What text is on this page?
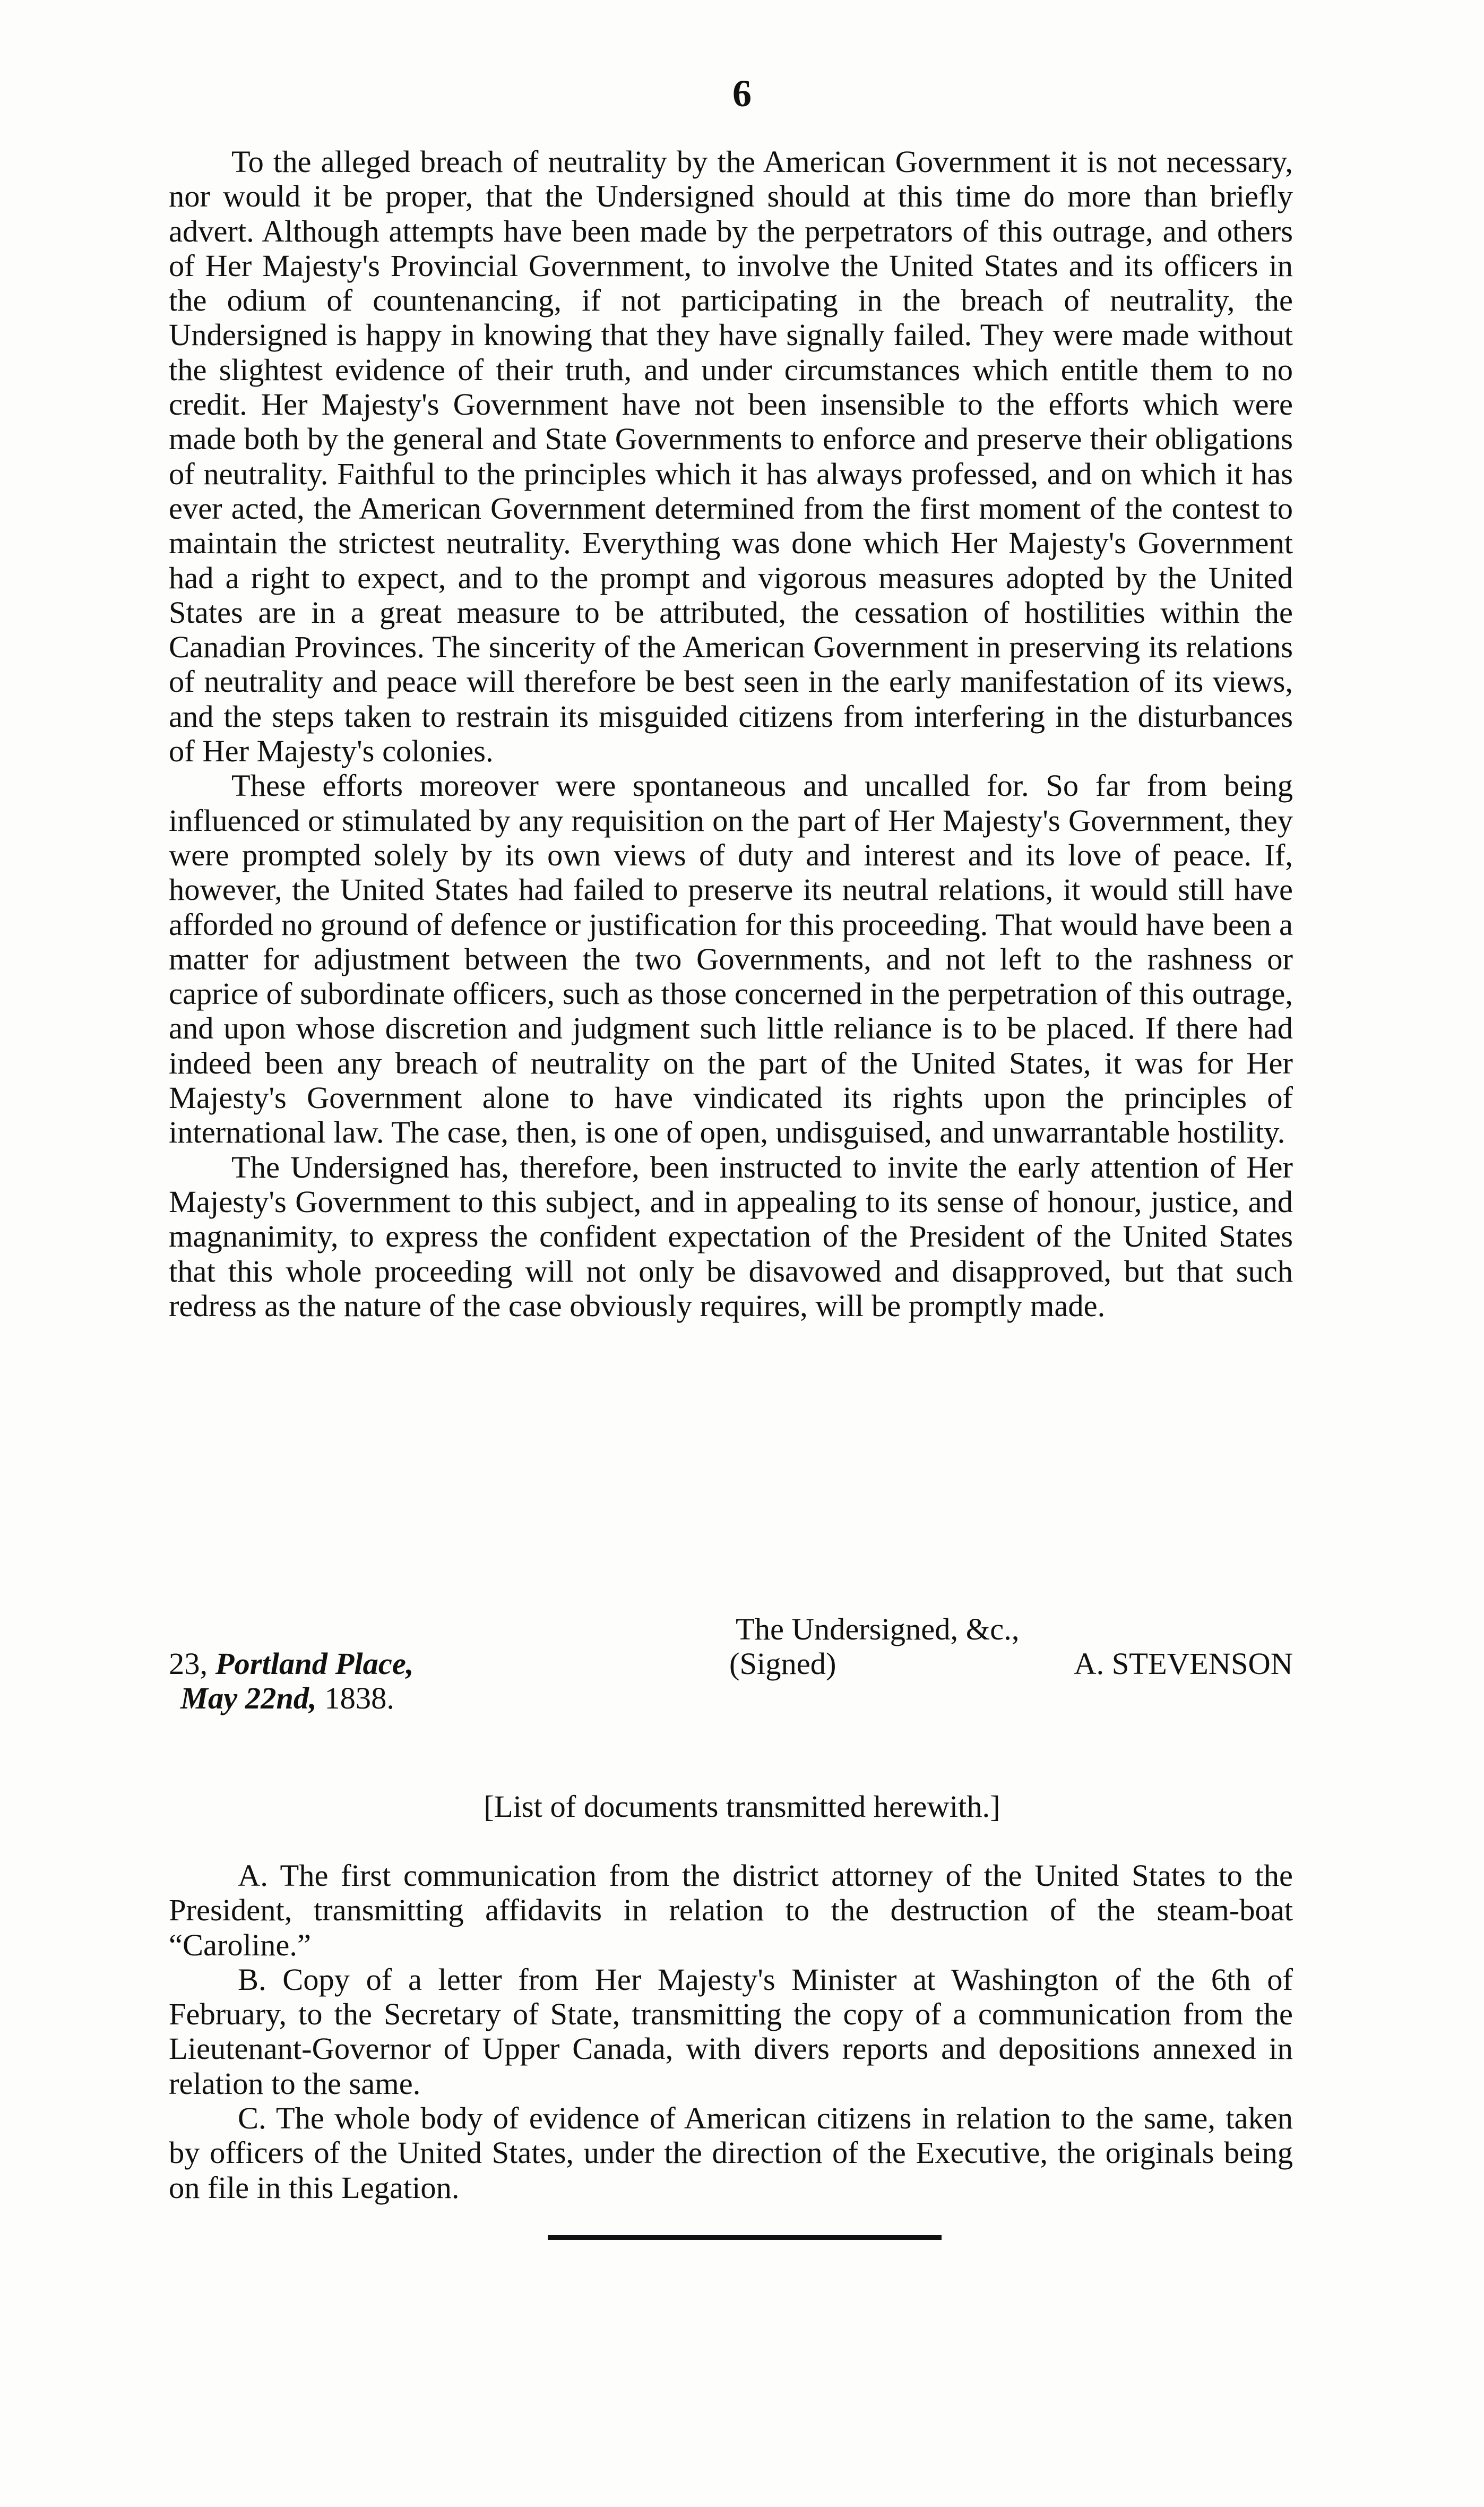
6

To the alleged breach of neutrality by the American Government it is not necessary, nor would it be proper, that the Undersigned should at this time do more than briefly advert. Although attempts have been made by the perpetrators of this outrage, and others of Her Majesty's Provincial Government, to involve the United States and its officers in the odium of countenancing, if not participating in the breach of neutrality, the Undersigned is happy in knowing that they have signally failed. They were made without the slightest evidence of their truth, and under circumstances which entitle them to no credit. Her Majesty's Government have not been insensible to the efforts which were made both by the general and State Governments to enforce and preserve their obligations of neutrality. Faithful to the principles which it has always professed, and on which it has ever acted, the American Government determined from the first moment of the contest to maintain the strictest neutrality. Everything was done which Her Majesty's Government had a right to expect, and to the prompt and vigorous measures adopted by the United States are in a great measure to be attributed, the cessation of hostilities within the Canadian Provinces. The sincerity of the American Government in preserving its relations of neutrality and peace will therefore be best seen in the early manifestation of its views, and the steps taken to restrain its misguided citizens from interfering in the disturbances of Her Majesty's colonies.

These efforts moreover were spontaneous and uncalled for. So far from being influenced or stimulated by any requisition on the part of Her Majesty's Government, they were prompted solely by its own views of duty and interest and its love of peace. If, however, the United States had failed to preserve its neutral relations, it would still have afforded no ground of defence or justification for this proceeding. That would have been a matter for adjustment between the two Governments, and not left to the rashness or caprice of subordinate officers, such as those concerned in the perpetration of this outrage, and upon whose discretion and judgment such little reliance is to be placed. If there had indeed been any breach of neutrality on the part of the United States, it was for Her Majesty's Government alone to have vindicated its rights upon the principles of international law. The case, then, is one of open, undisguised, and unwarrantable hostility.

The Undersigned has, therefore, been instructed to invite the early attention of Her Majesty's Government to this subject, and in appealing to its sense of honour, justice, and magnanimity, to express the confident expectation of the President of the United States that this whole proceeding will not only be disavowed and disapproved, but that such redress as the nature of the case obviously requires, will be promptly made.

The Undersigned, &c.,
23, Portland Place,	(Signed)	A. STEVENSON
May 22nd, 1838.
[List of documents transmitted herewith.]

A. The first communication from the district attorney of the United States to the President, transmitting affidavits in relation to the destruction of the steam-boat “Caroline.”

B. Copy of a letter from Her Majesty's Minister at Washington of the 6th of February, to the Secretary of State, transmitting the copy of a communication from the Lieutenant-Governor of Upper Canada, with divers reports and depositions annexed in relation to the same.

C. The whole body of evidence of American citizens in relation to the same, taken by officers of the United States, under the direction of the Executive, the originals being on file in this Legation.
